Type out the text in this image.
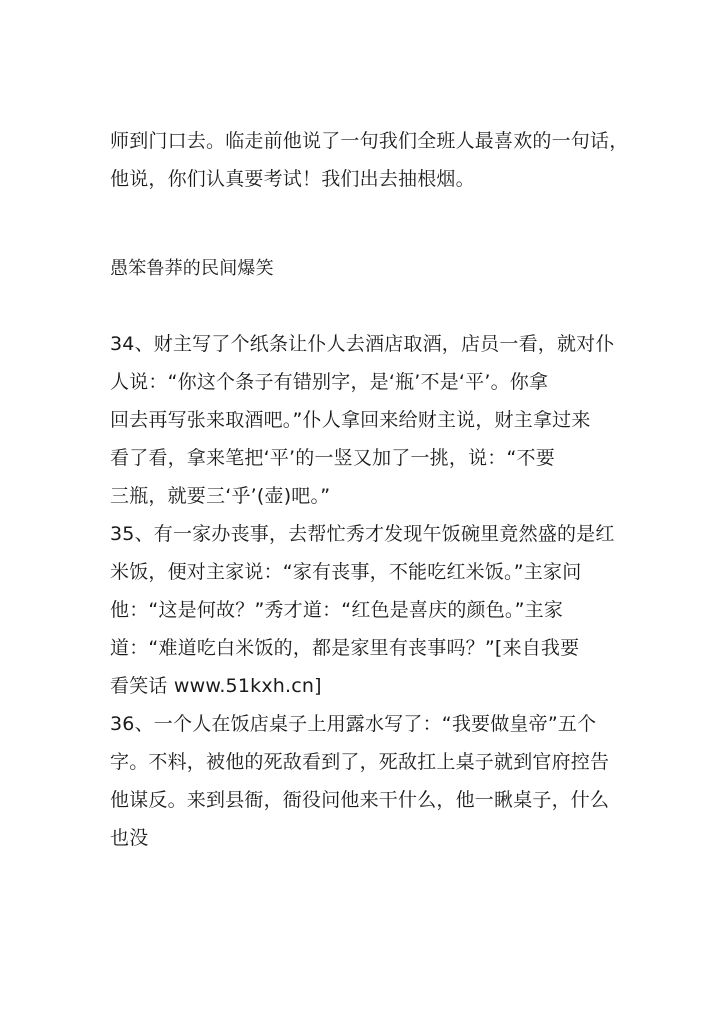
师到门口去。临走前他说了一句我们全班人最喜欢的一句话，
他说，你们认真要考试！我们出去抽根烟。
愚笨鲁莽的民间爆笑
34、财主写了个纸条让仆人去酒店取酒，店员一看，就对仆
人说：“你这个条子有错别字，是‘瓶’不是‘平’。你拿
回去再写张来取酒吧。”仆人拿回来给财主说，财主拿过来
看了看，拿来笔把‘平’的一竖又加了一挑，说：“不要
三瓶，就要三‘乎’(壶)吧。”
35、有一家办丧事，去帮忙秀才发现午饭碗里竟然盛的是红
米饭，便对主家说：“家有丧事，不能吃红米饭。”主家问
他：“这是何故？”秀才道：“红色是喜庆的颜色。”主家
道：“难道吃白米饭的，都是家里有丧事吗？”[来自我要
看笑话 www.51kxh.cn]
36、一个人在饭店桌子上用露水写了：“我要做皇帝”五个
字。不料，被他的死敌看到了，死敌扛上桌子就到官府控告
他谋反。来到县衙，衙役问他来干什么，他一瞅桌子，什么
也没
